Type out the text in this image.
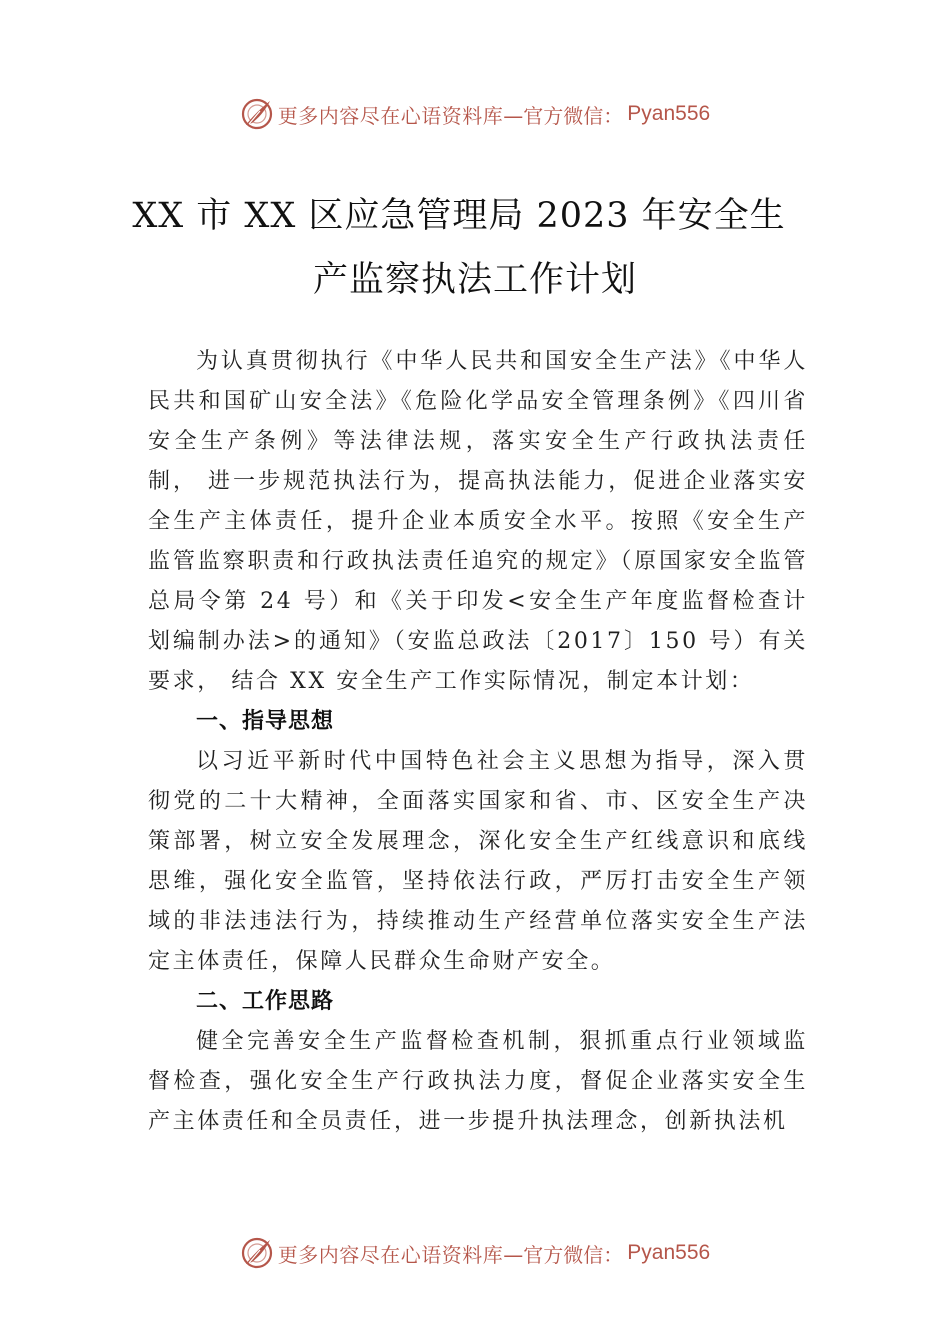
更多内容尽在心语资料库 —官方微信： Pyan556
XX 市 XX 区应急管理局 2023 年安全生
产监察执法工作计划

为认真贯彻执行《中华人民共和国安全生产法》《中华人民共和国矿山安全法》《危险化学品安全管理条例》《四川省安全生产条例》等法律法规，落实安全生产行政执法责任制， 进一步规范执法行为，提高执法能力，促进企业落实安全生产主体责任，提升企业本质安全水平。按照《安全生产监管监察职责和行政执法责任追究的规定》（原国家安全监管总局令第 24 号）和《关于印发<安全生产年度监督检查计划编制办法>的通知》（安监总政法〔2017〕150 号）有关要求， 结合 XX 安全生产工作实际情况，制定本计划：

一、指导思想

以习近平新时代中国特色社会主义思想为指导，深入贯彻党的二十大精神，全面落实国家和省、市、区安全生产决策部署，树立安全发展理念，深化安全生产红线意识和底线思维，强化安全监管，坚持依法行政，严厉打击安全生产领域的非法违法行为，持续推动生产经营单位落实安全生产法定主体责任，保障人民群众生命财产安全。

二、工作思路

健全完善安全生产监督检查机制，狠抓重点行业领域监督检查，强化安全生产行政执法力度，督促企业落实安全生产主体责任和全员责任，进一步提升执法理念，创新执法机

更多内容尽在心语资料库 —官方微信： Pyan556
